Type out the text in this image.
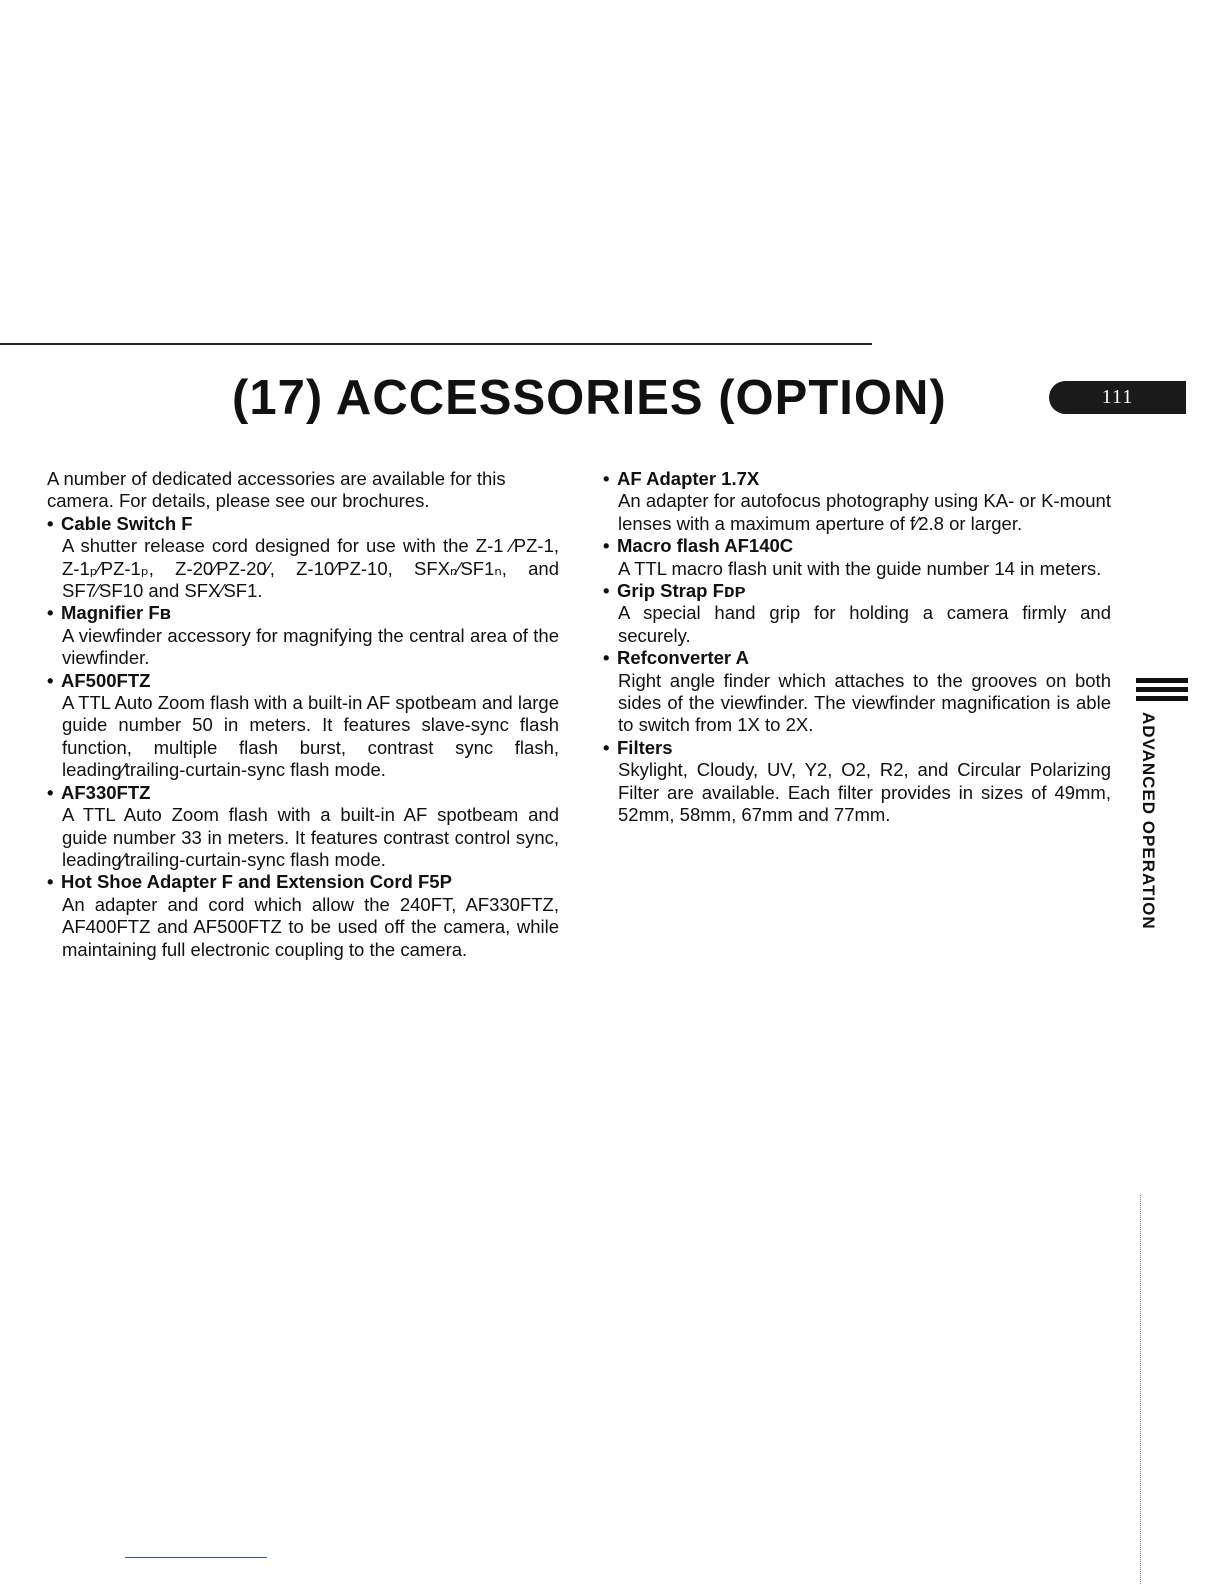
(17) ACCESSORIES (OPTION)	111

A number of dedicated accessories are available for this camera. For details, please see our brochures.

• Cable Switch F

A shutter release cord designed for use with the Z-1 ⁄PZ-1, Z-1ₚ⁄PZ-1ₚ, Z-20⁄PZ-20⁄, Z-10⁄PZ-10, SFXₙ⁄SF1ₙ, and SF7⁄SF10 and SFX⁄SF1.

• Magnifier Fʙ

A viewfinder accessory for magnifying the central area of the viewfinder.

• AF500FTZ

A TTL Auto Zoom flash with a built-in AF spotbeam and large guide number 50 in meters. It features slave-sync flash function, multiple flash burst, contrast sync flash, leading⁄trailing-curtain-sync flash mode.

• AF330FTZ

A TTL Auto Zoom flash with a built-in AF spotbeam and guide number 33 in meters. It features contrast control sync, leading⁄trailing-curtain-sync flash mode.

• Hot Shoe Adapter F and Extension Cord F5P

An adapter and cord which allow the 240FT, AF330FTZ, AF400FTZ and AF500FTZ to be used off the camera, while maintaining full electronic coupling to the camera.

• AF Adapter 1.7X

An adapter for autofocus photography using KA- or K-mount lenses with a maximum aperture of f⁄2.8 or larger.

• Macro flash AF140C

A TTL macro flash unit with the guide number 14 in meters.

• Grip Strap Fᴅᴘ

A special hand grip for holding a camera firmly and securely.

• Refconverter A

Right angle finder which attaches to the grooves on both sides of the viewfinder. The viewfinder magnification is able to switch from 1X to 2X.

• Filters

Skylight, Cloudy, UV, Y2, O2, R2, and Circular Polarizing Filter are available. Each filter provides in sizes of 49mm, 52mm, 58mm, 67mm and 77mm.	ADVANCED OPERATION
